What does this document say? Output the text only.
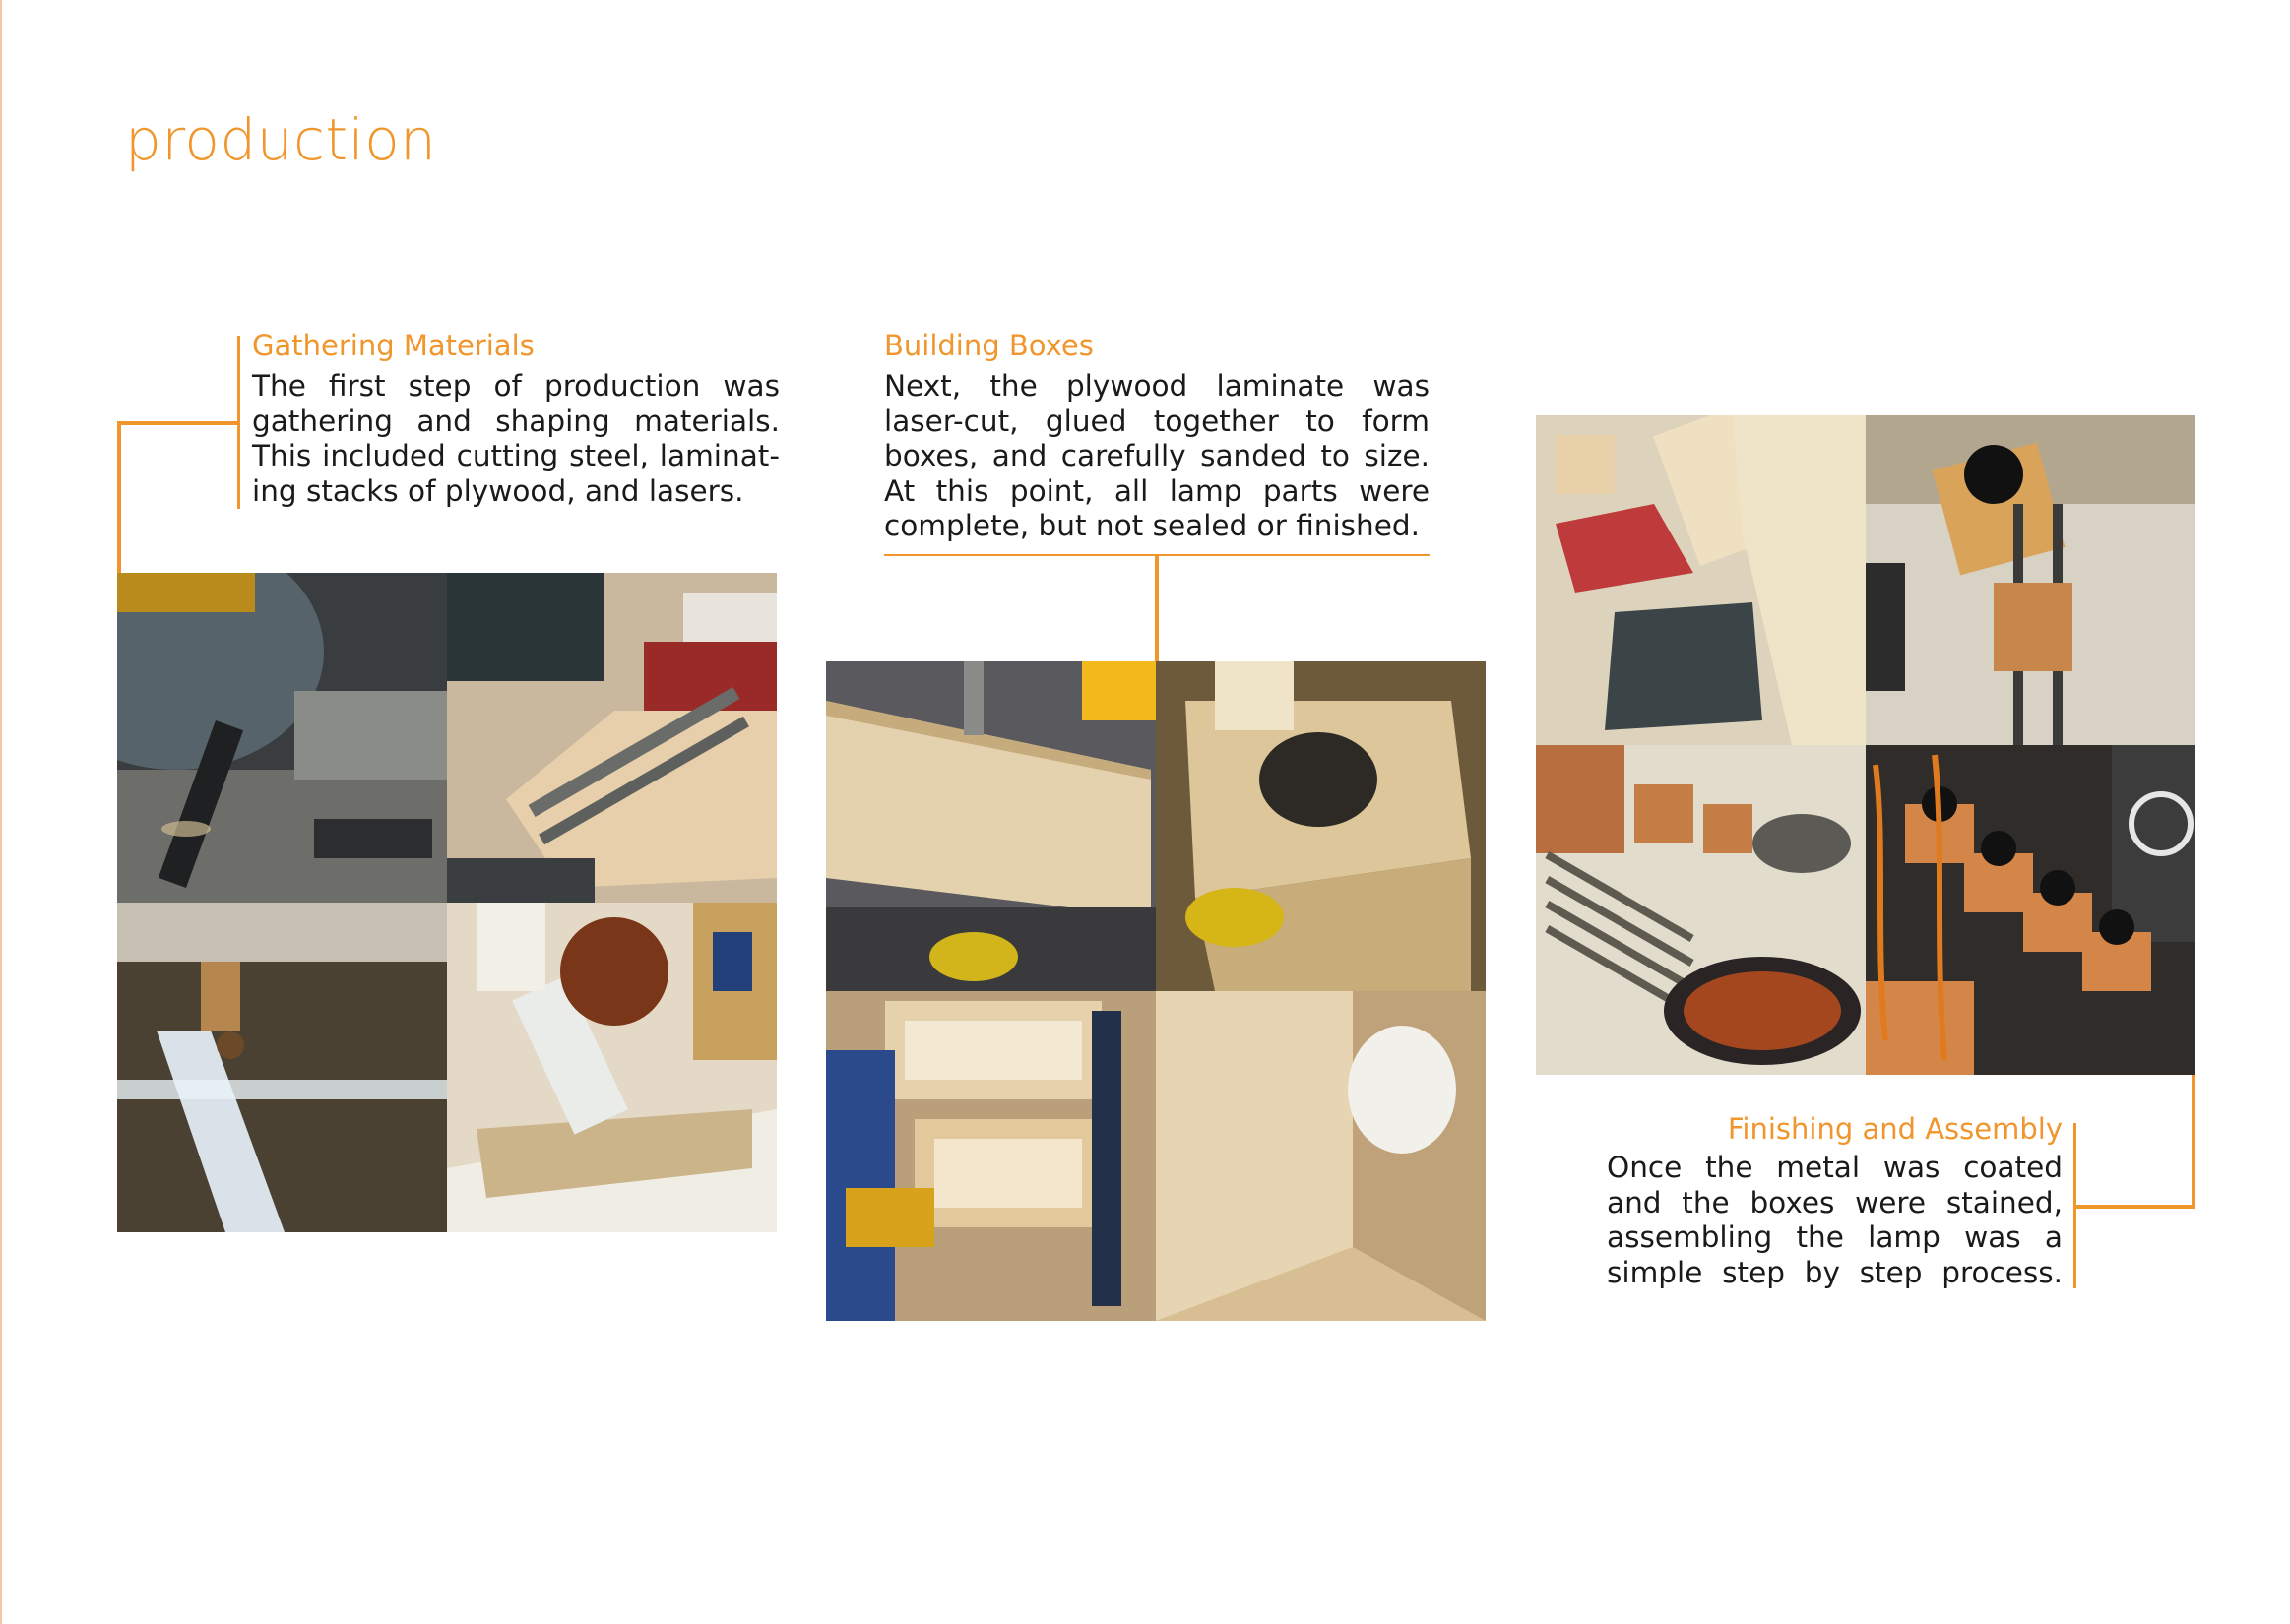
production
Gathering Materials
The first step of production was gathering and shaping materials. This included cutting steel, laminat- ing stacks of plywood, and lasers.
Building Boxes
Next, the plywood laminate was laser-cut, glued together to form boxes, and carefully sanded to size. At this point, all lamp parts were complete, but not sealed or finished.
Finishing and Assembly
Once the metal was coated and the boxes were stained, assembling the lamp was a simple step by step process.
